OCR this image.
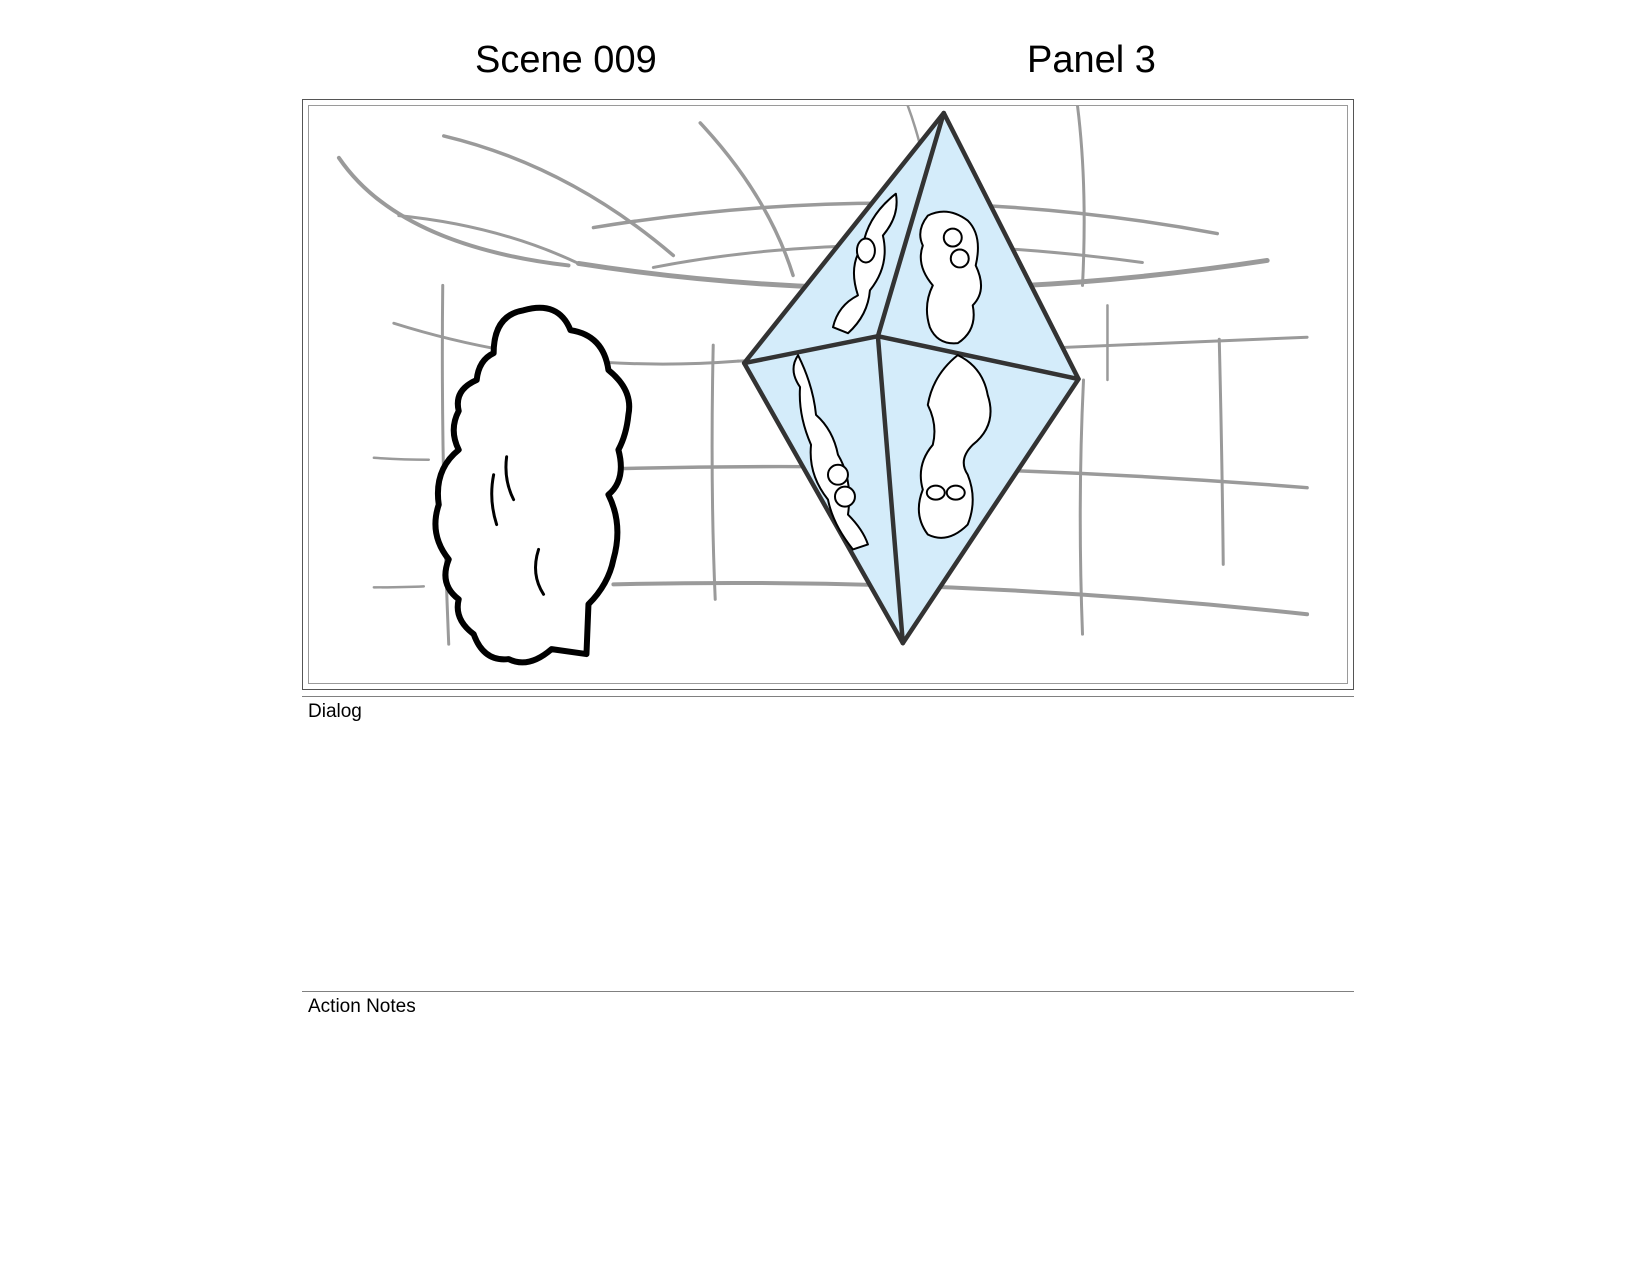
Scene 009	Panel 3
Dialog
Action Notes
